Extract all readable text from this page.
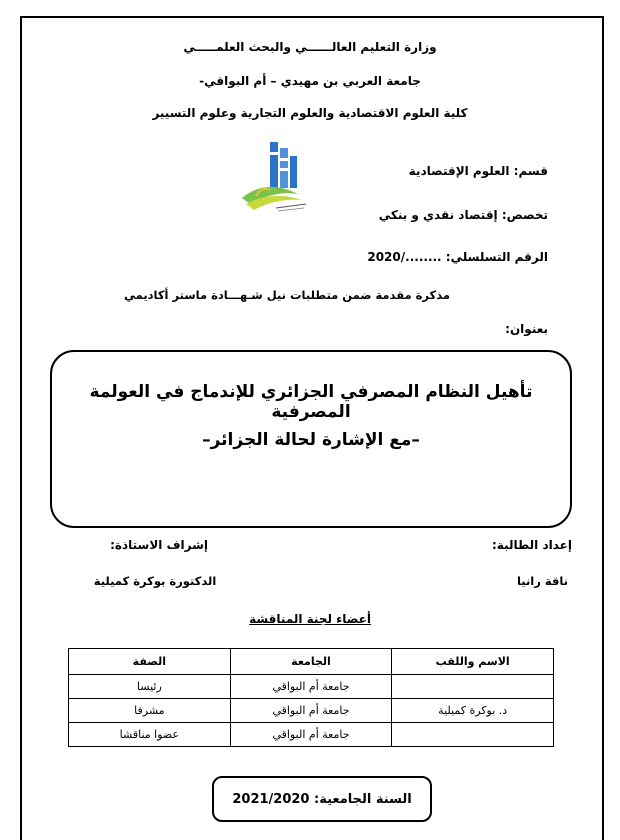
وزارة التعليم العالــــــي والبحث العلمـــــي
جامعة العربي بن مهيدي – أم البواقي-
كلية العلوم الاقتصادية والعلوم التجارية وعلوم التسيير
قسم: العلوم الإقتصادية
تخصص: إقتصاد نقدي و بنكي
الرقم التسلسلي: ......../2020
مذكرة مقدمة ضمن متطلبات نيل شـهـــادة ماستر أكاديمي
بعنوان:
تأهيل النظام المصرفي الجزائري للإندماج في العولمة المصرفية
–مع الإشارة لحالة الجزائر–
إعداد الطالبة:
إشراف الاستاذة:
ناقة رانيا
الدكتورة بوكرة كميلية
أعضاء لجنة المناقشة
الاسم واللقب	الجامعة	الصفة
	جامعة أم البواقي	رئيسا
د. بوكرة كميلية	جامعة أم البواقي	مشرفا
	جامعة أم البواقي	عضوا مناقشا
السنة الجامعية: 2021/2020
